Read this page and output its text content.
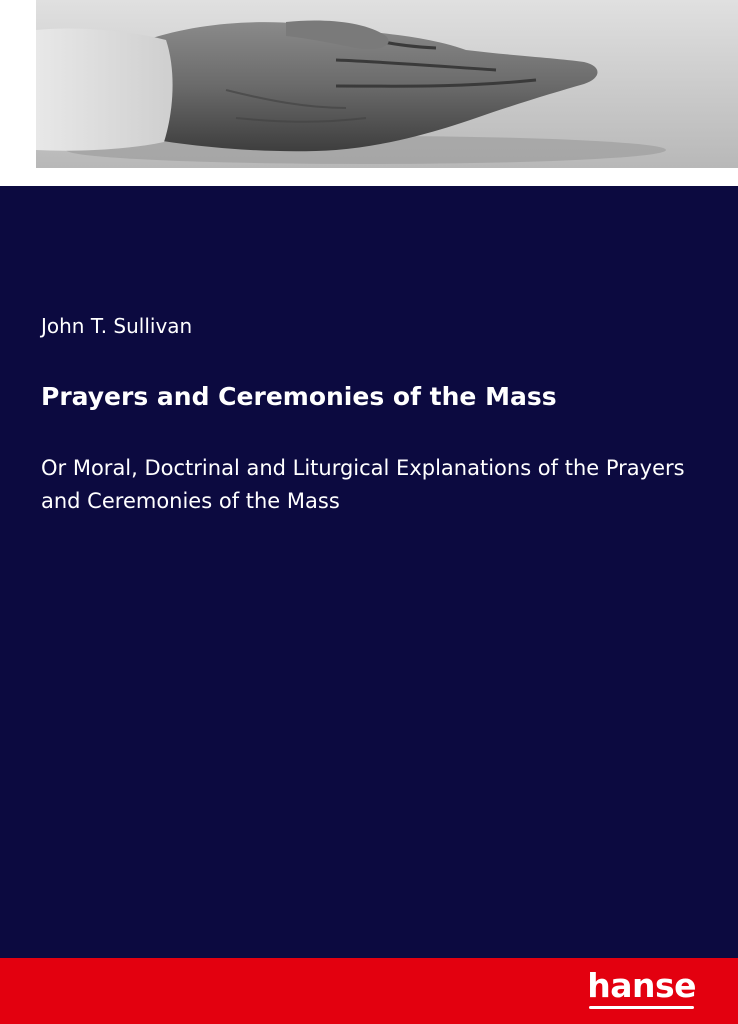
John T. Sullivan
Prayers and Ceremonies of the Mass
Or Moral, Doctrinal and Liturgical Explanations of the Prayers and Ceremonies of the Mass
hanse
